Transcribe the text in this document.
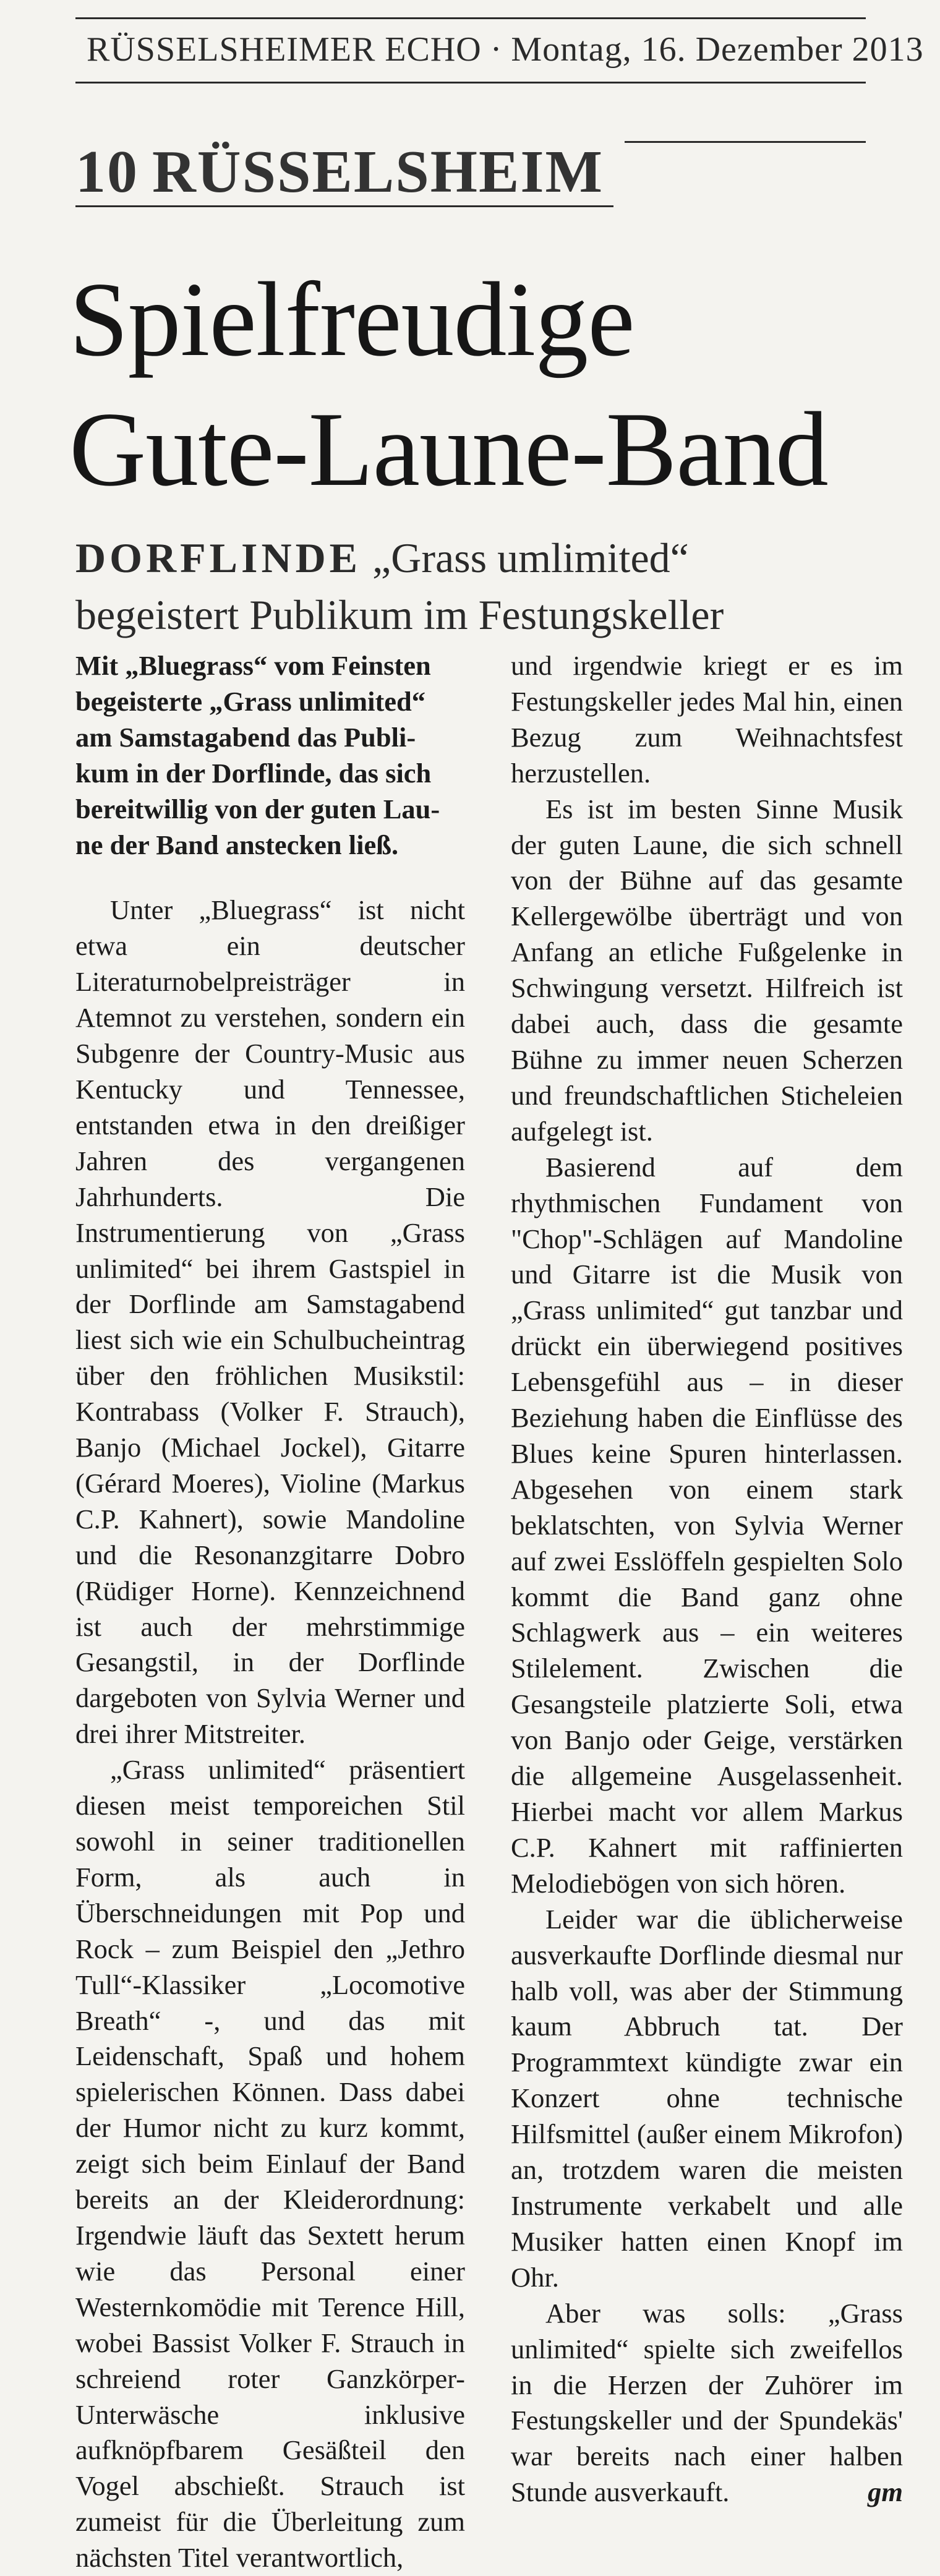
RÜSSELSHEIMER ECHO · Montag, 16. Dezember 2013
10 RÜSSELSHEIM
Spielfreudige
Gute-Laune-Band
DORFLINDE „Grass umlimited“ begeistert Publikum im Festungskeller

Mit „Bluegrass“ vom Feinsten
begeisterte „Grass unlimited“
am Samstagabend das Publi-
kum in der Dorflinde, das sich
bereitwillig von der guten Lau-
ne der Band anstecken ließ.

Unter „Bluegrass“ ist nicht etwa ein deutscher Literaturnobelpreisträger in Atemnot zu verstehen, sondern ein Subgenre der Country-Music aus Kentucky und Tennessee, entstanden etwa in den dreißiger Jahren des vergangenen Jahrhunderts. Die Instrumentierung von „Grass unlimited“ bei ihrem Gastspiel in der Dorflinde am Samstagabend liest sich wie ein Schulbucheintrag über den fröhlichen Musikstil: Kontrabass (Volker F. Strauch), Banjo (Michael Jockel), Gitarre (Gérard Moeres), Violine (Markus C.P. Kahnert), sowie Mandoline und die Resonanzgitarre Dobro (Rüdiger Horne). Kennzeichnend ist auch der mehrstimmige Gesangstil, in der Dorflinde dargeboten von Sylvia Werner und drei ihrer Mitstreiter.

„Grass unlimited“ präsentiert diesen meist temporeichen Stil sowohl in seiner traditionellen Form, als auch in Überschneidungen mit Pop und Rock – zum Beispiel den „Jethro Tull“-Klassiker „Locomotive Breath“ -, und das mit Leidenschaft, Spaß und hohem spielerischen Können. Dass dabei der Humor nicht zu kurz kommt, zeigt sich beim Einlauf der Band bereits an der Kleiderordnung: Irgendwie läuft das Sextett herum wie das Personal einer Westernkomödie mit Terence Hill, wobei Bassist Volker F. Strauch in schreiend roter Ganzkörper-Unterwäsche inklusive aufknöpfbarem Gesäßteil den Vogel abschießt. Strauch ist zumeist für die Überleitung zum nächsten Titel verantwortlich,

und irgendwie kriegt er es im Festungskeller jedes Mal hin, einen Bezug zum Weihnachtsfest herzustellen.

Es ist im besten Sinne Musik der guten Laune, die sich schnell von der Bühne auf das gesamte Kellergewölbe überträgt und von Anfang an etliche Fußgelenke in Schwingung versetzt. Hilfreich ist dabei auch, dass die gesamte Bühne zu immer neuen Scherzen und freundschaftlichen Sticheleien aufgelegt ist.

Basierend auf dem rhythmischen Fundament von "Chop"-Schlägen auf Mandoline und Gitarre ist die Musik von „Grass unlimited“ gut tanzbar und drückt ein überwiegend positives Lebensgefühl aus – in dieser Beziehung haben die Einflüsse des Blues keine Spuren hinterlassen. Abgesehen von einem stark beklatschten, von Sylvia Werner auf zwei Esslöffeln gespielten Solo kommt die Band ganz ohne Schlagwerk aus – ein weiteres Stilelement. Zwischen die Gesangsteile platzierte Soli, etwa von Banjo oder Geige, verstärken die allgemeine Ausgelassenheit. Hierbei macht vor allem Markus C.P. Kahnert mit raffinierten Melodiebögen von sich hören.

Leider war die üblicherweise ausverkaufte Dorflinde diesmal nur halb voll, was aber der Stimmung kaum Abbruch tat. Der Programmtext kündigte zwar ein Konzert ohne technische Hilfsmittel (außer einem Mikrofon) an, trotzdem waren die meisten Instrumente verkabelt und alle Musiker hatten einen Knopf im Ohr.

Aber was solls: „Grass unlimited“ spielte sich zweifellos in die Herzen der Zuhörer im Festungskeller und der Spundekäs' war bereits nach einer halben Stunde ausverkauft.	gm
